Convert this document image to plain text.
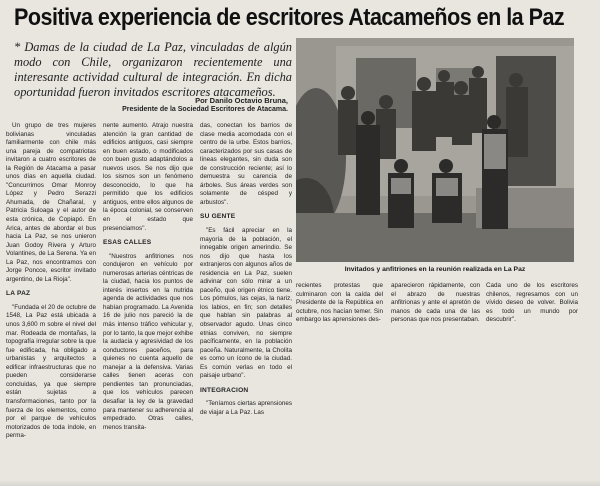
Positiva experiencia de escritores Atacameños en la Paz
* Damas de la ciudad de La Paz, vinculadas de algún modo con Chile, organizaron recientemente una interesante actividad cultural de integración. En dicha oportunidad fueron invitados escritores atacameños.
Por Danilo Octavio Bruna,
Presidente de la Sociedad Escritores de Atacama.
Invitados y anfitriones en la reunión realizada en La Paz

Un grupo de tres mujeres bolivianas vinculadas familiarmente con chile más una pareja de compatriotas invitaron a cuatro escritores de la Región de Atacama a pasar unos días en aquella ciudad. "Concurrimos Omar Monroy López y Pedro Serazzi Ahumada, de Chañaral, y Patricia Suloaga y el autor de esta crónica, de Copiapó. En Arica, antes de abordar el bus hacia La Paz, se nos unieron Juan Godoy Rivera y Arturo Volantines, de La Serena. Ya en La Paz, nos encontramos con Jorge Poncce, escritor invitado argentino, de La Rioja".

LA PAZ

"Fundada el 20 de octubre de 1548, La Paz está ubicada a unos 3,600 m sobre el nivel del mar. Rodeada de montañas, la topografía irregular sobre la que fue edificada, ha obligado a urbanistas y arquitectos a edificar infraestructuras que no pueden considerarse concluidas, ya que siempre están sujetas a transformaciones, tanto por la fuerza de los elementos, como por el parque de vehículos motorizados de toda índole, en perma-

nente aumento. Atrajo nuestra atención la gran cantidad de edificios antiguos, casi siempre en buen estado, o modificados con buen gusto adaptándolos a nuevos usos. Se nos dijo que los sismos son un fenómeno desconocido, lo que ha permitido que los edificios antiguos, entre ellos algunos de la época colonial, se conserven en el estado que presenciamos".

ESAS CALLES

"Nuestros anfitriones nos condujeron en vehículo por numerosas arterias céntricas de la ciudad, hacia los puntos de interés insertos en la nutrida agenda de actividades que nos habían programado. La Avenida 16 de julio nos pareció la de más intenso tráfico vehicular y, por lo tanto, la que mejor exhibe la audacia y agresividad de los conductores paceños, para quienes no cuenta aquello de manejar a la defensiva. Varias calles tienen aceras con pendientes tan pronunciadas, que los vehículos parecen desafiar la ley de la gravedad para mantener su adherencia al empedrado. Otras calles, menos transita-

das, conectan los barrios de clase media acomodada con el centro de la urbe. Estos barrios, caracterizados por sus casas de líneas elegantes, sin duda son de construcción reciente; así lo demuestra su carencia de árboles. Sus áreas verdes son solamente de césped y arbustos".

SU GENTE

"Es fácil apreciar en la mayoría de la población, el innegable origen amerindio. Se nos dijo que hasta los extranjeros con algunos años de residencia en La Paz, suelen adivinar con sólo mirar a un paceño, qué origen étnico tiene. Los pómulos, las cejas, la nariz, los labios, en fin; son detalles que hablan sin palabras al observador agudo. Unas cinco etnias conviven, no siempre pacíficamente, en la población paceña. Naturalmente, la Cholita es como un ícono de la ciudad. Es común verlas en todo el paisaje urbano".

INTEGRACION

"Teníamos ciertas aprensiones de viajar a La Paz. Las

recientes protestas que culminaron con la caída del Presidente de la República en octubre, nos hacían temer. Sin embargo las aprensiones des-

aparecieron rápidamente, con el abrazo de nuestras anfitrionas y ante el apretón de manos de cada una de las personas que nos presentaban.

Cada uno de los escritores chilenos, regresamos con un vívido deseo de volver. Bolivia es todo un mundo por descubrir".
